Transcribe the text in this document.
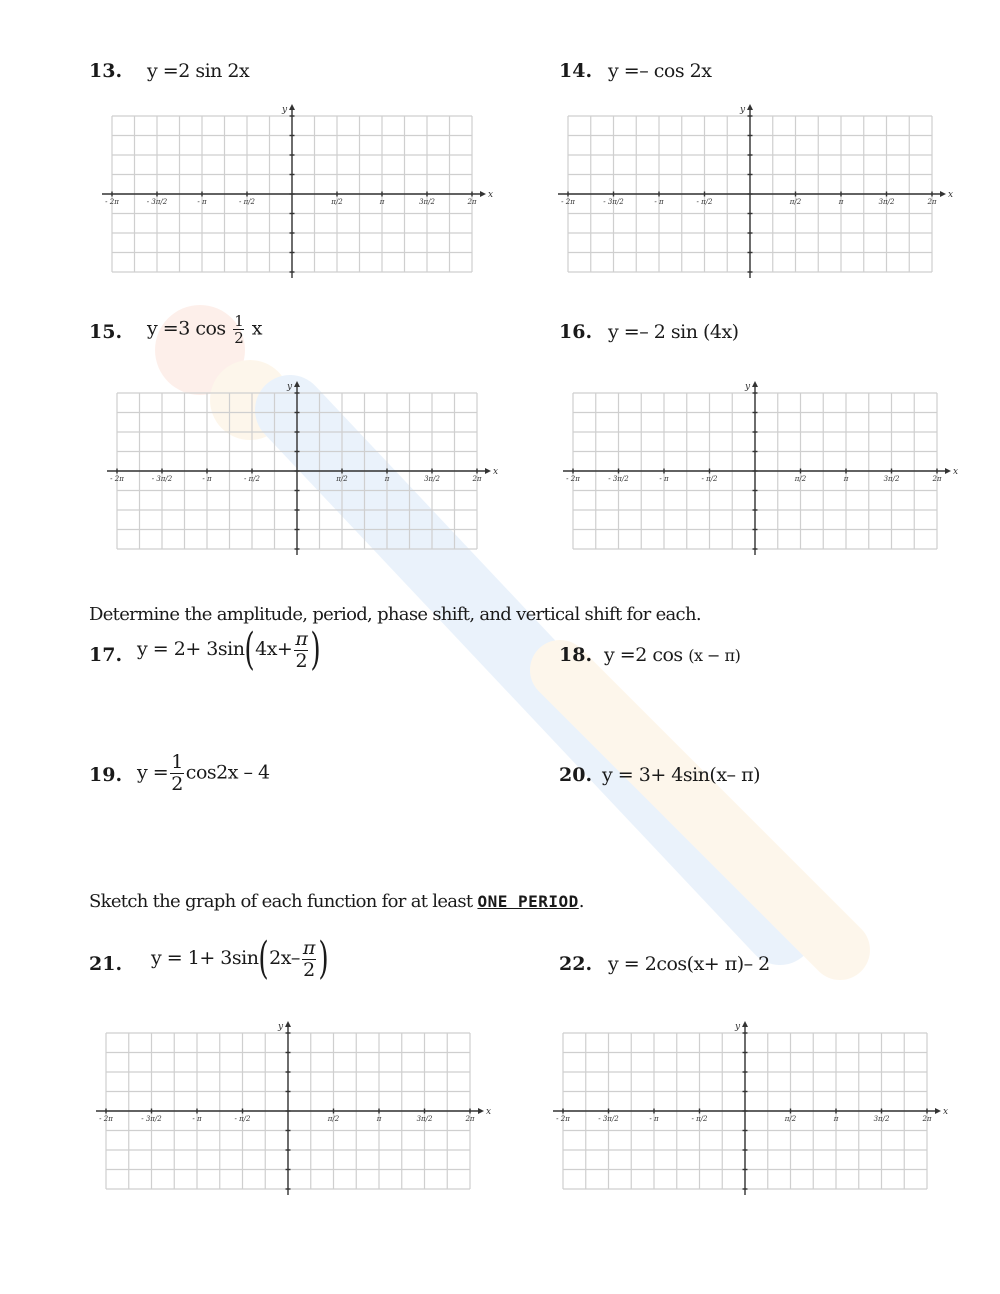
13. y =2 sin 2x	14. y =– cos 2x
15. y =3 $\cos \frac{1}{2}$ x	16. y =– 2 sin (4x)
Determine the amplitude, period, phase shift, and vertical shift for each.
17. $y = 2+ 3\sin(4x+ \frac{\pi}{2}$ )	18. y =2 cos (x − π)
19. $y = \frac{1}{2} \cos 2x - 4$	20. y = 3+ 4sin(x– π)
Sketch the graph of each function for at least ONE PERIOD.
21. $y = 1+ 3\sin(2x- \frac{\pi}{2}$ )	22. y = 2cos(x+ π)– 2
x
y
- 2π	- 3π/2	- π	- π/2	π/2	π	3π/2	2π
x
y
- 2π	- 3π/2	- π	- π/2	π/2	π	3π/2	2π
x
y
- 2π	- 3π/2	- π	- π/2	π/2	π	3π/2	2π
x
y
- 2π	- 3π/2	- π	- π/2	π/2	π	3π/2	2π
x
y
- 2π	- 3π/2	- π	- π/2	π/2	π	3π/2	2π
x
y
- 2π	- 3π/2	- π	- π/2	π/2	π	3π/2	2π
